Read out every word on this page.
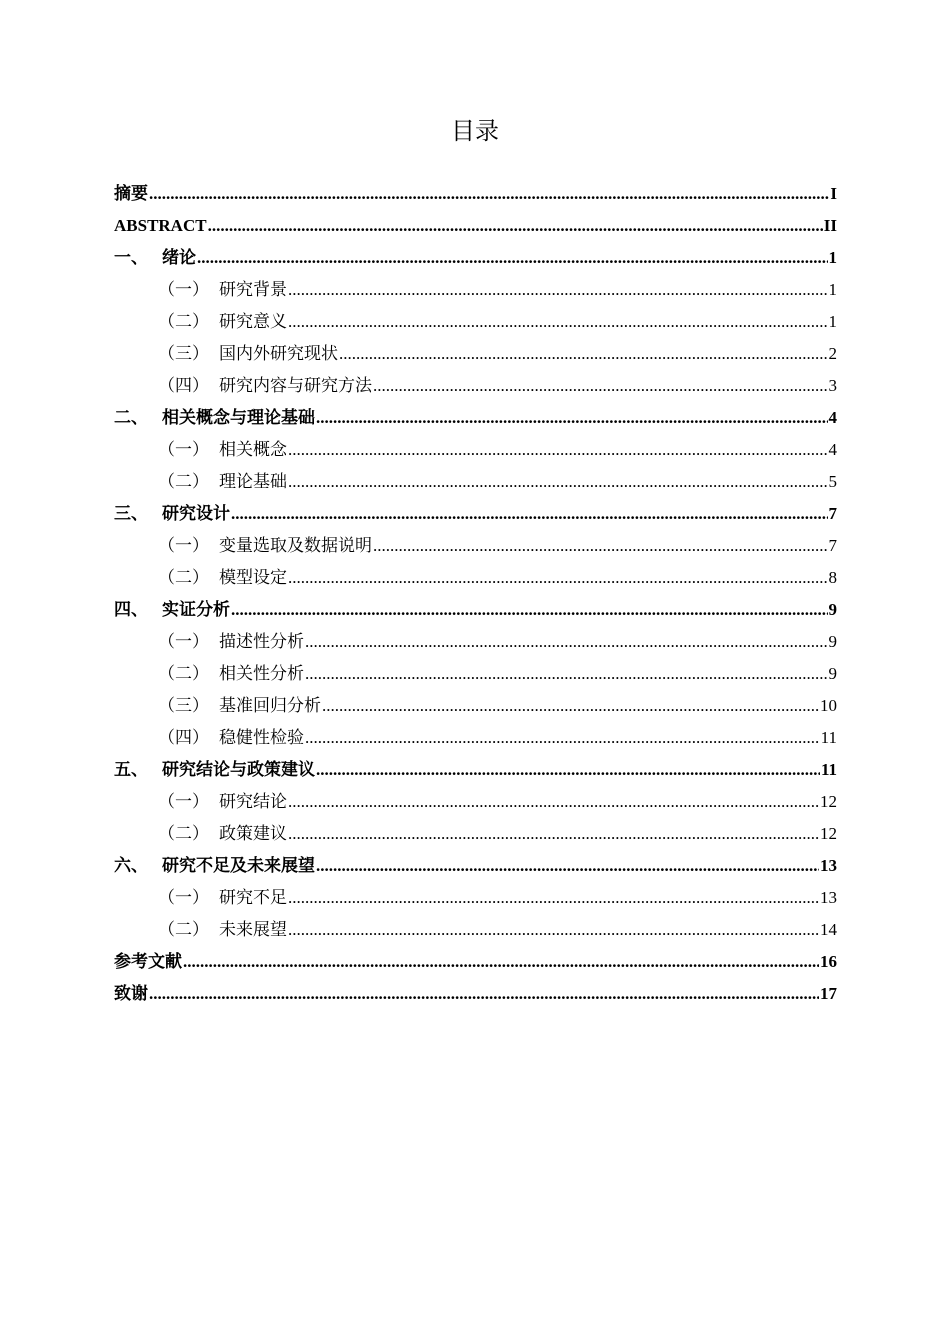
目录
摘要 .....	I
ABSTRACT .....	II
一、 绪论 .....	1
（一） 研究背景 .....	1
（二） 研究意义 .....	1
（三） 国内外研究现状 .....	2
（四） 研究内容与研究方法 .....	3
二、 相关概念与理论基础 .....	4
（一） 相关概念 .....	4
（二） 理论基础 .....	5
三、 研究设计 .....	7
（一） 变量选取及数据说明 .....	7
（二） 模型设定 .....	8
四、 实证分析 .....	9
（一） 描述性分析 .....	9
（二） 相关性分析 .....	9
（三） 基准回归分析 .....	10
（四） 稳健性检验 .....	11
五、 研究结论与政策建议 .....	11
（一） 研究结论 .....	12
（二） 政策建议 .....	12
六、 研究不足及未来展望 .....	13
（一） 研究不足 .....	13
（二） 未来展望 .....	14
参考文献 .....	16
致谢 .....	17
